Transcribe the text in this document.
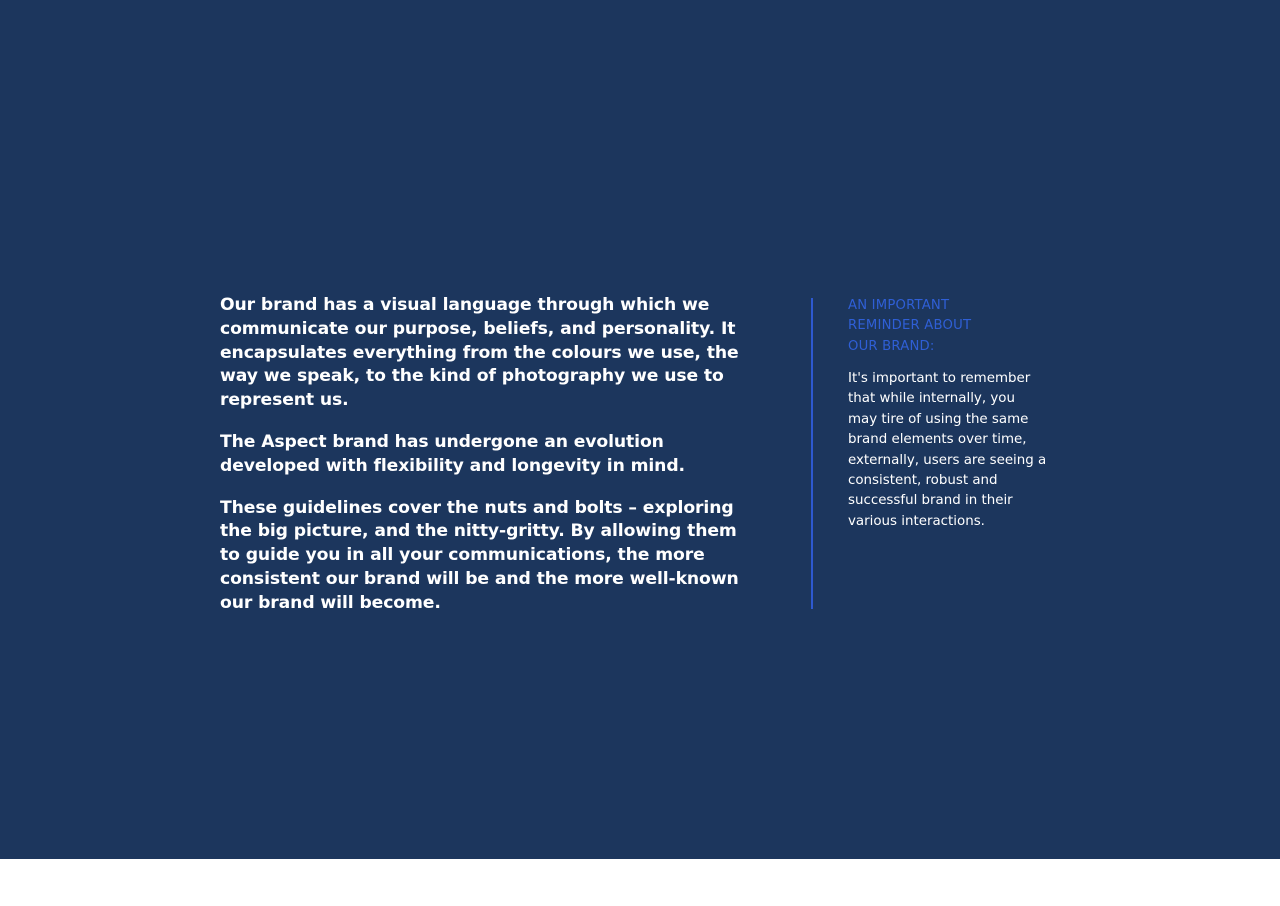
Our brand has a visual language through which we communicate our purpose, beliefs, and personality. It encapsulates everything from the colours we use, the way we speak, to the kind of photography we use to represent us.

The Aspect brand has undergone an evolution developed with flexibility and longevity in mind.

These guidelines cover the nuts and bolts – exploring the big picture, and the nitty-gritty. By allowing them to guide you in all your communications, the more consistent our brand will be and the more well-known our brand will become.

AN IMPORTANT
REMINDER ABOUT
OUR BRAND:

It's important to remember that while internally, you may tire of using the same brand elements over time, externally, users are seeing a consistent, robust and successful brand in their various interactions.
